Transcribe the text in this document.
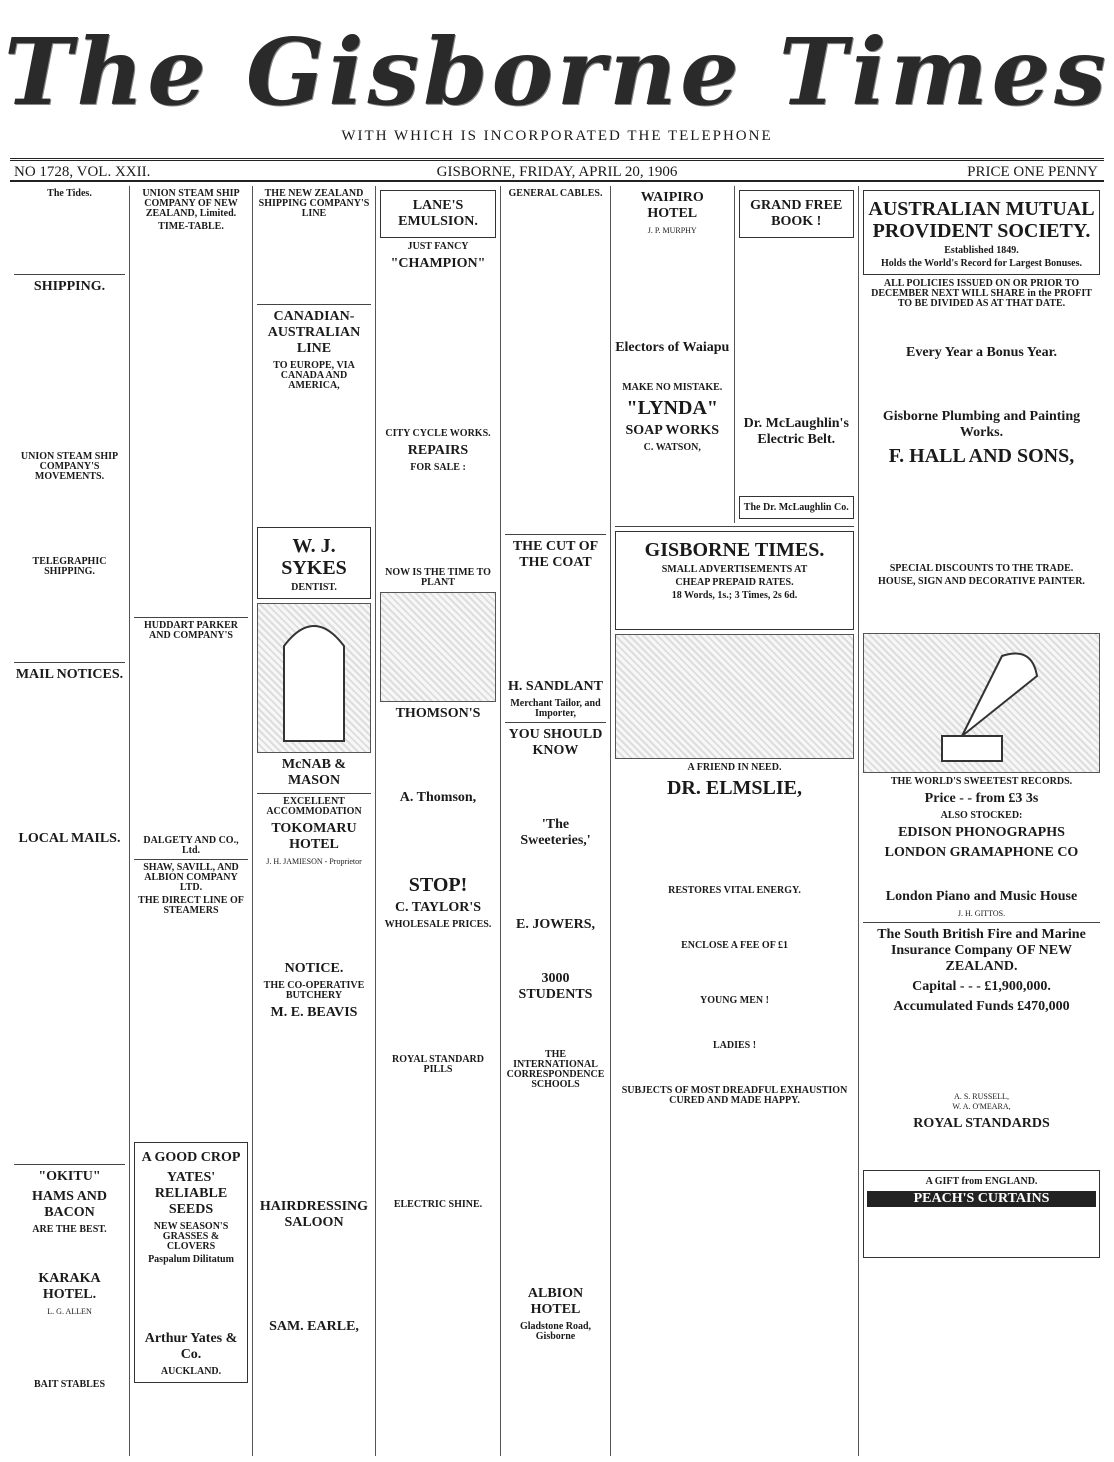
The Gisborne Times
WITH WHICH IS INCORPORATED THE TELEPHONE
GISBORNE, FRIDAY, APRIL 20, 1906
NO 1728, VOL. XXII.	PRICE ONE PENNY
The Tides.

SHIPPING.
UNION STEAM SHIP COMPANY'S MOVEMENTS.
TELEGRAPHIC SHIPPING.
MAIL NOTICES.
LOCAL MAILS.
"OKITU"
HAMS AND BACON
ARE THE BEST.
KARAKA HOTEL.
L. G. ALLEN
BAIT STABLES
UNION STEAM SHIP COMPANY OF NEW ZEALAND, Limited.
TIME-TABLE.
HUDDART PARKER AND COMPANY'S
DALGETY AND CO., Ltd.
SHAW, SAVILL, AND ALBION COMPANY LTD.
THE DIRECT LINE OF STEAMERS
A GOOD CROP
YATES' RELIABLE SEEDS
NEW SEASON'S GRASSES & CLOVERS
Paspalum Dilitatum
Arthur Yates & Co.
AUCKLAND.
THE NEW ZEALAND SHIPPING COMPANY'S LINE
CANADIAN-AUSTRALIAN LINE
TO EUROPE, VIA CANADA AND AMERICA,
W. J. SYKES
DENTIST.
McNAB & MASON
EXCELLENT ACCOMMODATION
TOKOMARU HOTEL
J. H. JAMIESON - Proprietor
NOTICE.
THE CO-OPERATIVE BUTCHERY
M. E. BEAVIS
HAIRDRESSING SALOON
SAM. EARLE,
LANE'S EMULSION.
JUST FANCY
"CHAMPION"
CITY CYCLE WORKS.
REPAIRS
FOR SALE :
NOW IS THE TIME TO PLANT
THOMSON'S
A. Thomson,
STOP!
C. TAYLOR'S
WHOLESALE PRICES.
ROYAL STANDARD PILLS
ELECTRIC SHINE.
GENERAL CABLES.
THE CUT OF THE COAT
H. SANDLANT
Merchant Tailor, and Importer,
YOU SHOULD KNOW
'The Sweeteries,'
E. JOWERS,
3000 STUDENTS
THE INTERNATIONAL CORRESPONDENCE SCHOOLS
ALBION HOTEL
Gladstone Road, Gisborne
WAIPIRO HOTEL
J. P. MURPHY
Electors of Waiapu
MAKE NO MISTAKE.
"LYNDA"
SOAP WORKS
C. WATSON,
GRAND FREE BOOK !
Dr. McLaughlin's Electric Belt.
The Dr. McLaughlin Co.
GISBORNE TIMES.
SMALL ADVERTISEMENTS AT
CHEAP PREPAID RATES.
18 Words, 1s.; 3 Times, 2s 6d.
A FRIEND IN NEED.
DR. ELMSLIE,
RESTORES VITAL ENERGY.
ENCLOSE A FEE OF £1
YOUNG MEN !
LADIES !
SUBJECTS OF MOST DREADFUL EXHAUSTION CURED AND MADE HAPPY.
AUSTRALIAN MUTUAL PROVIDENT SOCIETY.
Established 1849.
Holds the World's Record for Largest Bonuses.
ALL POLICIES ISSUED ON OR PRIOR TO DECEMBER NEXT WILL SHARE in the PROFIT TO BE DIVIDED AS AT THAT DATE.
Every Year a Bonus Year.
Gisborne Plumbing and Painting Works.
F. HALL AND SONS,
SPECIAL DISCOUNTS TO THE TRADE.
HOUSE, SIGN AND DECORATIVE PAINTER.
THE WORLD'S SWEETEST RECORDS.
Price - - from £3 3s
ALSO STOCKED:
EDISON PHONOGRAPHS
LONDON GRAMAPHONE CO
London Piano and Music House
J. H. GITTOS.
The South British Fire and Marine Insurance Company OF NEW ZEALAND.
Capital - - - £1,900,000.
Accumulated Funds £470,000
A. S. RUSSELL,
W. A. O'MEARA,
ROYAL STANDARDS
A GIFT from ENGLAND.
PEACH'S CURTAINS
